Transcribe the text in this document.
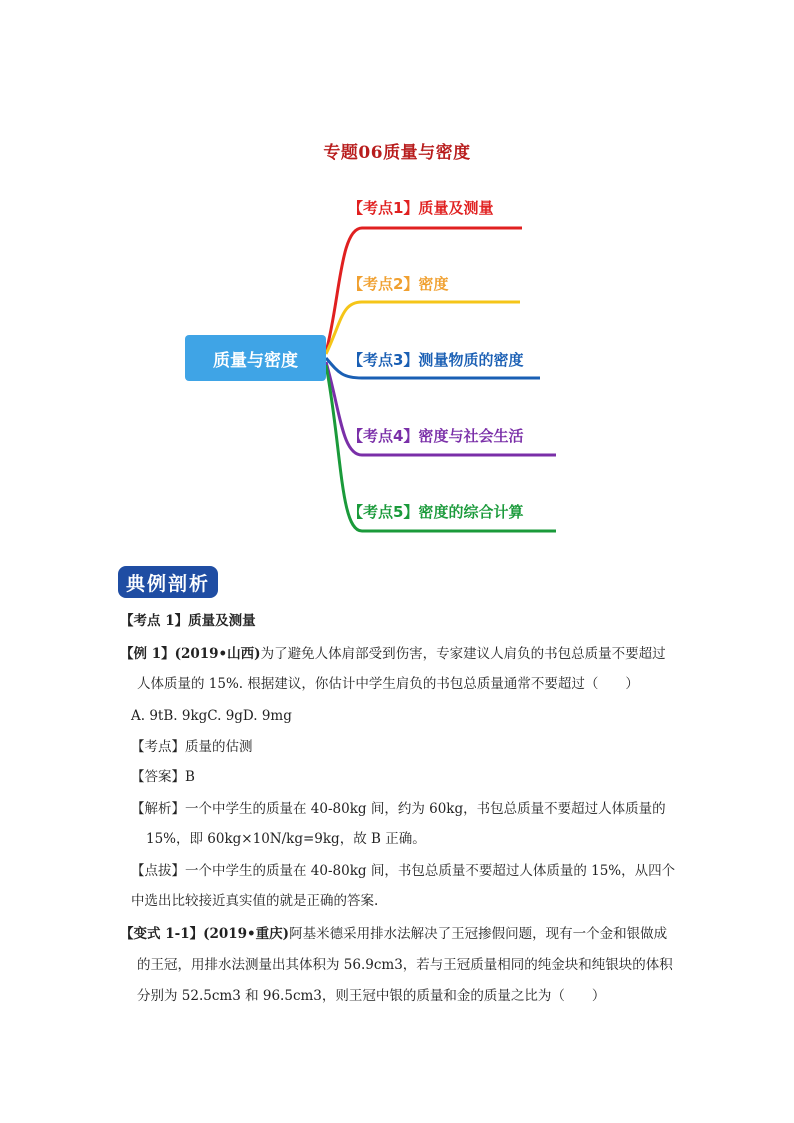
专题06质量与密度
质量与密度
【考点1】质量及测量
【考点2】密度
【考点3】测量物质的密度
【考点4】密度与社会生活
【考点5】密度的综合计算
典例剖析
【考点 1】质量及测量
【例 1】(2019•山西)为了避免人体肩部受到伤害，专家建议人肩负的书包总质量不要超过
人体质量的 15%. 根据建议，你估计中学生肩负的书包总质量通常不要超过（　　）
A. 9tB. 9kgC. 9gD. 9mg
【考点】质量的估测
【答案】B
【解析】一个中学生的质量在 40-80kg 间，约为 60kg，书包总质量不要超过人体质量的
15%，即 60kg×10N/kg=9kg，故 B 正确。
【点拔】一个中学生的质量在 40-80kg 间，书包总质量不要超过人体质量的 15%，从四个
中选出比较接近真实值的就是正确的答案.
【变式 1-1】(2019•重庆)阿基米德采用排水法解决了王冠掺假问题，现有一个金和银做成
的王冠，用排水法测量出其体积为 56.9cm3，若与王冠质量相同的纯金块和纯银块的体积
分别为 52.5cm3 和 96.5cm3，则王冠中银的质量和金的质量之比为（　　）
